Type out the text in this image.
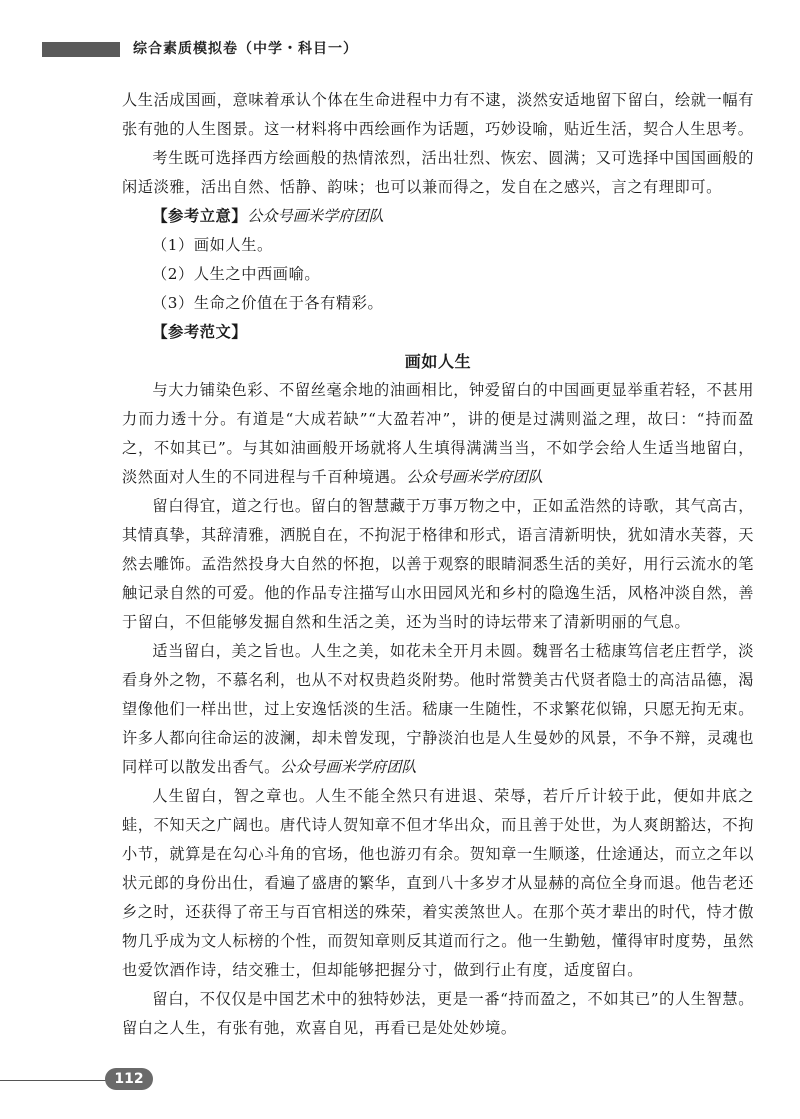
综合素质模拟卷（中学・科目一）

人生活成国画，意味着承认个体在生命进程中力有不逮，淡然安适地留下留白，绘就一幅有张有弛的人生图景。这一材料将中西绘画作为话题，巧妙设喻，贴近生活，契合人生思考。

考生既可选择西方绘画般的热情浓烈，活出壮烈、恢宏、圆满；又可选择中国国画般的闲适淡雅，活出自然、恬静、韵味；也可以兼而得之，发自在之感兴，言之有理即可。

【参考立意】公众号画米学府团队

（1）画如人生。

（2）人生之中西画喻。

（3）生命之价值在于各有精彩。

【参考范文】

画如人生

与大力铺染色彩、不留丝毫余地的油画相比，钟爱留白的中国画更显举重若轻，不甚用力而力透十分。有道是“大成若缺”“大盈若冲”，讲的便是过满则溢之理，故曰：“持而盈之，不如其已”。与其如油画般开场就将人生填得满满当当，不如学会给人生适当地留白，淡然面对人生的不同进程与千百种境遇。公众号画米学府团队

留白得宜，道之行也。留白的智慧藏于万事万物之中，正如孟浩然的诗歌，其气高古，其情真挚，其辞清雅，洒脱自在，不拘泥于格律和形式，语言清新明快，犹如清水芙蓉，天然去雕饰。孟浩然投身大自然的怀抱，以善于观察的眼睛洞悉生活的美好，用行云流水的笔触记录自然的可爱。他的作品专注描写山水田园风光和乡村的隐逸生活，风格冲淡自然，善于留白，不但能够发掘自然和生活之美，还为当时的诗坛带来了清新明丽的气息。

适当留白，美之旨也。人生之美，如花未全开月未圆。魏晋名士嵇康笃信老庄哲学，淡看身外之物，不慕名利，也从不对权贵趋炎附势。他时常赞美古代贤者隐士的高洁品德，渴望像他们一样出世，过上安逸恬淡的生活。嵇康一生随性，不求繁花似锦，只愿无拘无束。许多人都向往命运的波澜，却未曾发现，宁静淡泊也是人生曼妙的风景，不争不辩，灵魂也同样可以散发出香气。公众号画米学府团队

人生留白，智之章也。人生不能全然只有进退、荣辱，若斤斤计较于此，便如井底之蛙，不知天之广阔也。唐代诗人贺知章不但才华出众，而且善于处世，为人爽朗豁达，不拘小节，就算是在勾心斗角的官场，他也游刃有余。贺知章一生顺遂，仕途通达，而立之年以状元郎的身份出仕，看遍了盛唐的繁华，直到八十多岁才从显赫的高位全身而退。他告老还乡之时，还获得了帝王与百官相送的殊荣，着实羡煞世人。在那个英才辈出的时代，恃才傲物几乎成为文人标榜的个性，而贺知章则反其道而行之。他一生勤勉，懂得审时度势，虽然也爱饮酒作诗，结交雅士，但却能够把握分寸，做到行止有度，适度留白。

留白，不仅仅是中国艺术中的独特妙法，更是一番“持而盈之，不如其已”的人生智慧。留白之人生，有张有弛，欢喜自见，再看已是处处妙境。

112
